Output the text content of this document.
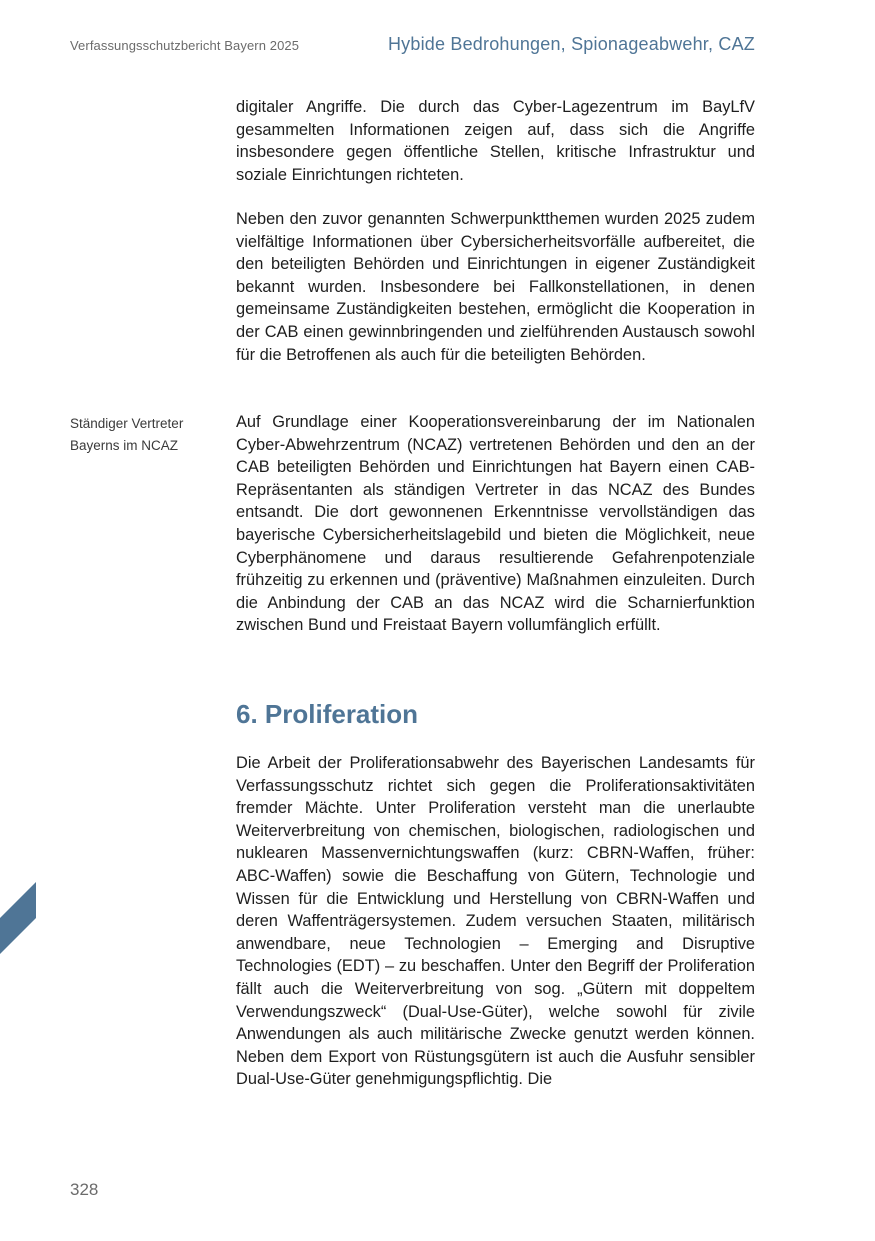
Verfassungsschutzbericht Bayern 2025	Hybide Bedrohungen, Spionageabwehr, CAZ

digitaler Angriffe. Die durch das Cyber-Lagezentrum im BayLfV gesammelten Informationen zeigen auf, dass sich die Angriffe insbesondere gegen öffentliche Stellen, kritische Infrastruktur und soziale Einrichtungen richteten.

Neben den zuvor genannten Schwerpunktthemen wurden 2025 zudem vielfältige Informationen über Cybersicherheitsvorfälle aufbereitet, die den beteiligten Behörden und Einrichtungen in eigener Zuständigkeit bekannt wurden. Insbesondere bei Fallkonstellationen, in denen gemeinsame Zuständigkeiten bestehen, ermöglicht die Kooperation in der CAB einen gewinnbringenden und zielführenden Austausch sowohl für die Betroffenen als auch für die beteiligten Behörden.

Ständiger Vertreter
Bayerns im NCAZ

Auf Grundlage einer Kooperationsvereinbarung der im Nationalen Cyber-Abwehrzentrum (NCAZ) vertretenen Behörden und den an der CAB beteiligten Behörden und Einrichtungen hat Bayern einen CAB-Repräsentanten als ständigen Vertreter in das NCAZ des Bundes entsandt. Die dort gewonnenen Erkenntnisse vervollständigen das bayerische Cybersicherheitslagebild und bieten die Möglichkeit, neue Cyberphänomene und daraus resultierende Gefahrenpotenziale frühzeitig zu erkennen und (präventive) Maßnahmen einzuleiten. Durch die Anbindung der CAB an das NCAZ wird die Scharnierfunktion zwischen Bund und Freistaat Bayern vollumfänglich erfüllt.

6. Proliferation

Die Arbeit der Proliferationsabwehr des Bayerischen Landesamts für Verfassungsschutz richtet sich gegen die Proliferationsaktivitäten fremder Mächte. Unter Proliferation versteht man die unerlaubte Weiterverbreitung von chemischen, biologischen, radiologischen und nuklearen Massenvernichtungswaffen (kurz: CBRN-Waffen, früher: ABC-Waffen) sowie die Beschaffung von Gütern, Technologie und Wissen für die Entwicklung und Herstellung von CBRN-Waffen und deren Waffenträgersystemen. Zudem versuchen Staaten, militärisch anwendbare, neue Technologien – Emerging and Disruptive Technologies (EDT) – zu beschaffen. Unter den Begriff der Proliferation fällt auch die Weiterverbreitung von sog. „Gütern mit doppeltem Verwendungszweck“ (Dual-Use-Güter), welche sowohl für zivile Anwendungen als auch militärische Zwecke genutzt werden können. Neben dem Export von Rüstungsgütern ist auch die Ausfuhr sensibler Dual-Use-Güter genehmigungspflichtig. Die

328
